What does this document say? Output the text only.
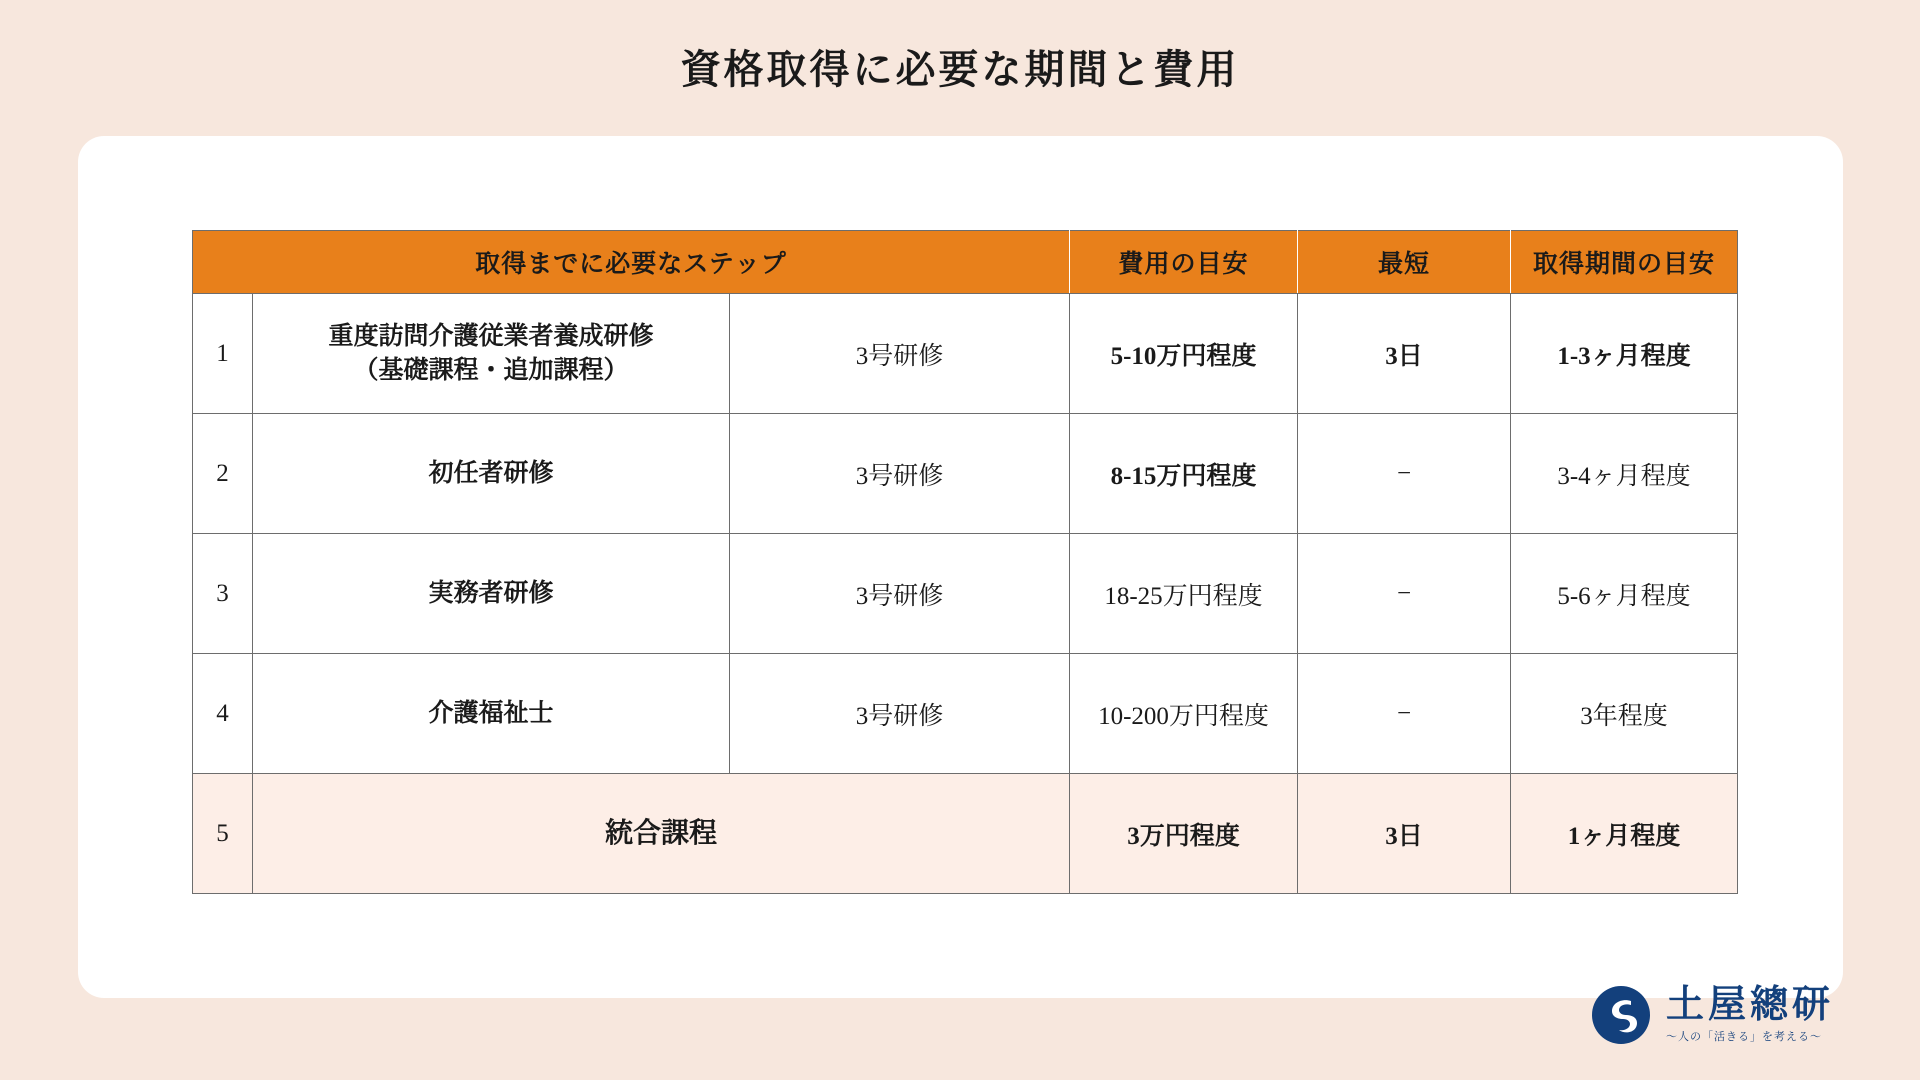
資格取得に必要な期間と費用
取得までに必要なステップ			費用の目安	最短	取得期間の目安
1	重度訪問介護従業者養成研修
（基礎課程・追加課程）	3号研修	5-10万円程度	3日	1-3ヶ月程度
2	初任者研修	3号研修	8-15万円程度	−	3-4ヶ月程度
3	実務者研修	3号研修	18-25万円程度	−	5-6ヶ月程度
4	介護福祉士	3号研修	10-200万円程度	−	3年程度
5	統合課程		3万円程度	3日	1ヶ月程度
土屋總研
〜人の「活きる」を考える〜
